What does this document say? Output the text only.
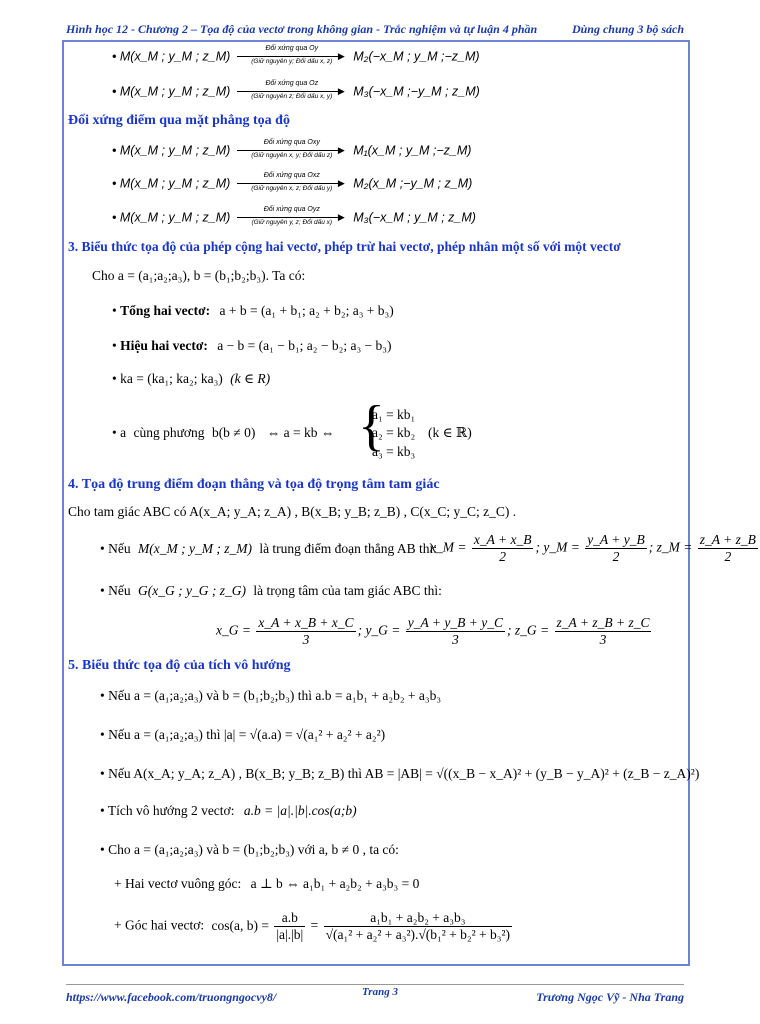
Hình học 12 - Chương 2 – Tọa độ của vectơ trong không gian - Trắc nghiệm và tự luận 4 phần	Dùng chung 3 bộ sách
• M(x_M ; y_M ; z_M)
Đối xứng qua Oy
▶
(Giữ nguyên y; Đổi dấu x, z)	M₂(−x_M ; y_M ;−z_M)
• M(x_M ; y_M ; z_M)
Đối xứng qua Oz
▶
(Giữ nguyên z; Đổi dấu x, y)	M₃(−x_M ;−y_M ; z_M)
Đối xứng điểm qua mặt phẳng tọa độ
• M(x_M ; y_M ; z_M)
Đối xứng qua Oxy
▶
(Giữ nguyên x, y; Đổi dấu z)	M₁(x_M ; y_M ;−z_M)
• M(x_M ; y_M ; z_M)
Đối xứng qua Oxz
▶
(Giữ nguyên x, z; Đổi dấu y)	M₂(x_M ;−y_M ; z_M)
• M(x_M ; y_M ; z_M)
Đối xứng qua Oyz
▶
(Giữ nguyên y, z; Đổi dấu x)	M₃(−x_M ; y_M ; z_M)
3. Biểu thức tọa độ của phép cộng hai vectơ, phép trừ hai vectơ, phép nhân một số với một vectơ
Cho a = (a₁;a₂;a₃), b = (b₁;b₂;b₃). Ta có:
• Tổng hai vectơ: a + b = (a₁ + b₁; a₂ + b₂; a₃ + b₃)
• Hiệu hai vectơ: a − b = (a₁ − b₁; a₂ − b₂; a₃ − b₃)
• ka = (ka₁; ka₂; ka₃) (k ∈ R)
• a cùng phương b(b ≠ 0) ⇔ a = kb ⇔ {
a₁ = kb₁
a₂ = kb₂
a₃ = kb₃
(k ∈ ℝ)
4. Tọa độ trung điểm đoạn thẳng và tọa độ trọng tâm tam giác
Cho tam giác ABC có A(x_A; y_A; z_A) , B(x_B; y_B; z_B) , C(x_C; y_C; z_C) .
• Nếu M(x_M ; y_M ; z_M) là trung điểm đoạn thẳng AB thì:
x_M = $\frac{x\_A + x\_B}{2}$ ; y_M = $\frac{y\_A + y\_B}{2}$ ; z_M = $\frac{z\_A + z\_B}{2}$
• Nếu G(x_G ; y_G ; z_G) là trọng tâm của tam giác ABC thì:
x_G = $\frac{x\_A + x\_B + x\_C}{3}$ ; y_G = $\frac{y\_A + y\_B + y\_C}{3}$ ; z_G = $\frac{z\_A + z\_B + z\_C}{3}$
5. Biểu thức tọa độ của tích vô hướng
• Nếu a = (a₁;a₂;a₃) và b = (b₁;b₂;b₃) thì a.b = a₁b₁ + a₂b₂ + a₃b₃
• Nếu a = (a₁;a₂;a₃) thì |a| = √(a.a) = √(a₁² + a₂² + a₂²)
• Nếu A(x_A; y_A; z_A) , B(x_B; y_B; z_B) thì AB = |AB| = √((x_B − x_A)² + (y_B − y_A)² + (z_B − z_A)²)
• Tích vô hướng 2 vectơ: a.b = |a|.|b|.cos(a;b)
• Cho a = (a₁;a₂;a₃) và b = (b₁;b₂;b₃) với a, b ≠ 0 , ta có:
+ Hai vectơ vuông góc: a ⊥ b ⇔ a₁b₁ + a₂b₂ + a₃b₃ = 0
+ Góc hai vectơ: cos(a, $b) = \frac{a.b}{|a|.|b|} = \frac{\text{a₁b₁ + a₂b₂ + a₃b₃}}{\text{√(a₁² + a₂² + a₃²).√(b₁² + b₂² + b₃²)}}$
https://www.facebook.com/truongngocvy8/	Trang 3	Trương Ngọc Vỹ - Nha Trang
